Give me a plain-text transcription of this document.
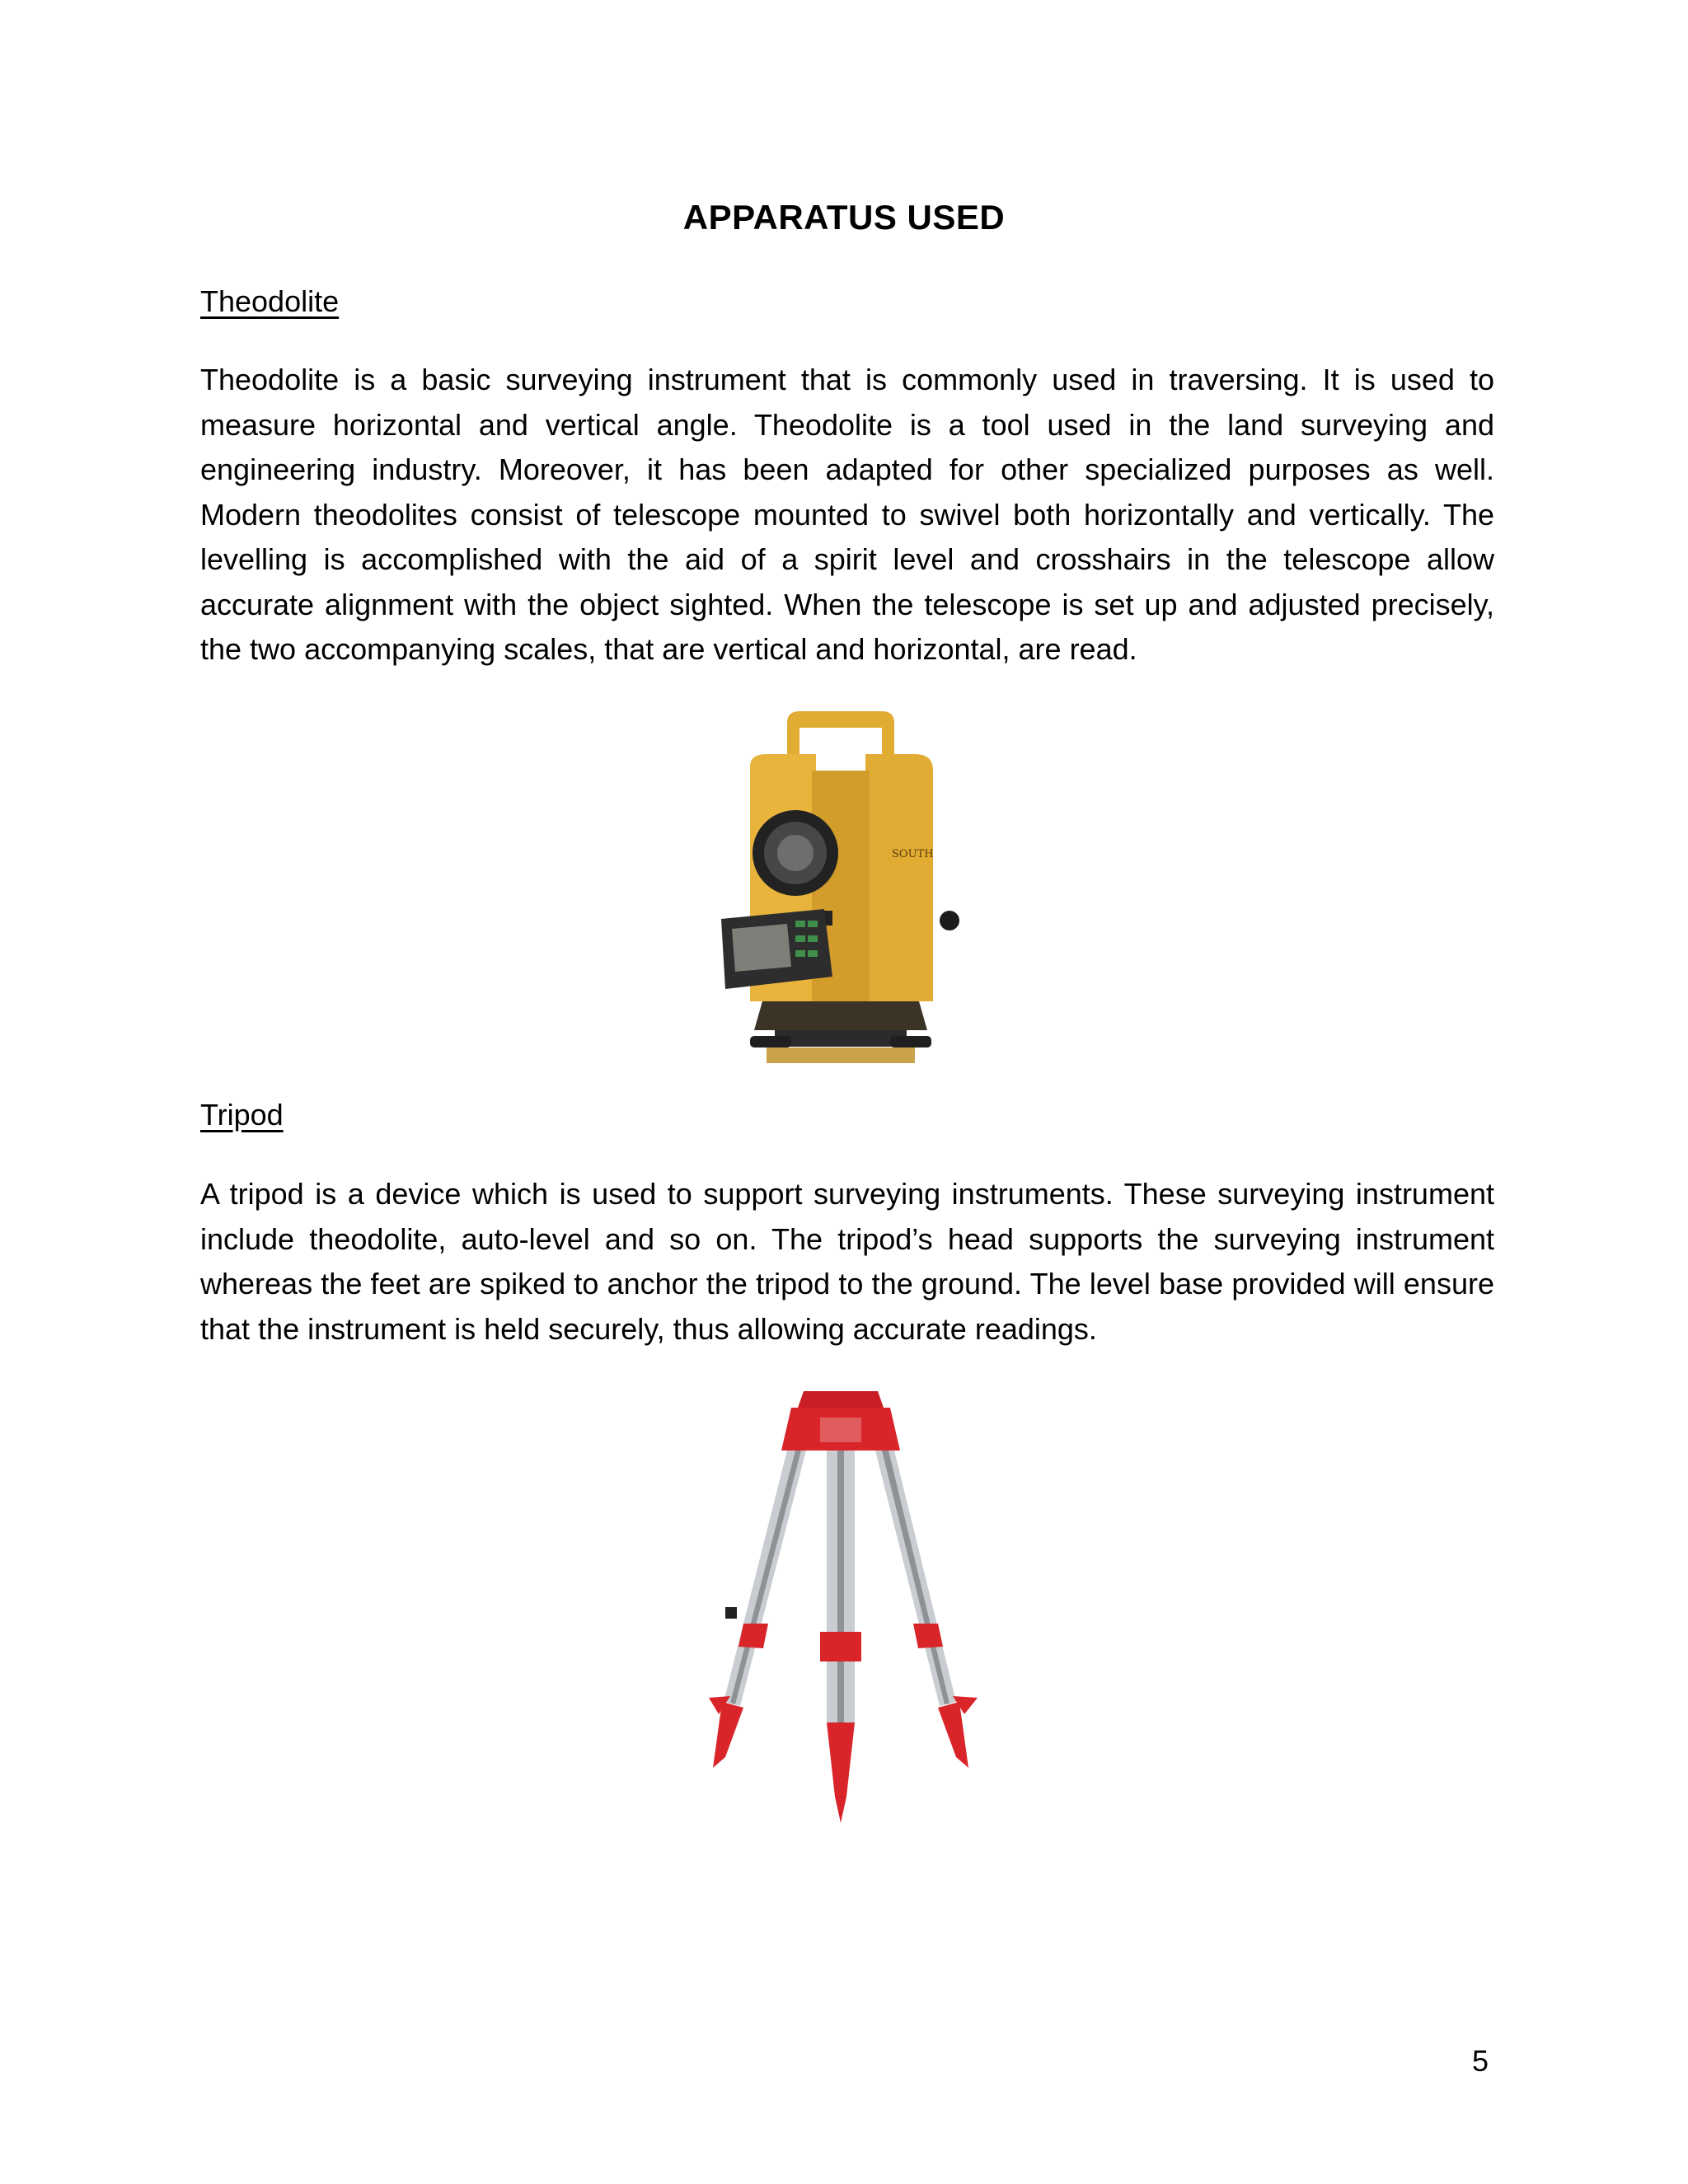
APPARATUS USED
Theodolite
Theodolite is a basic surveying instrument that is commonly used in traversing. It is used to measure horizontal and vertical angle. Theodolite is a tool used in the land surveying and engineering industry. Moreover, it has been adapted for other specialized purposes as well. Modern theodolites consist of telescope mounted to swivel both horizontally and vertically. The levelling is accomplished with the aid of a spirit level and crosshairs in the telescope allow accurate alignment with the object sighted. When the telescope is set up and adjusted precisely, the two accompanying scales, that are vertical and horizontal, are read.
SOUTH
Tripod
A tripod is a device which is used to support surveying instruments. These surveying instrument include theodolite, auto-level and so on. The tripod’s head supports the surveying instrument whereas the feet are spiked to anchor the tripod to the ground. The level base provided will ensure that the instrument is held securely, thus allowing accurate readings.
5
